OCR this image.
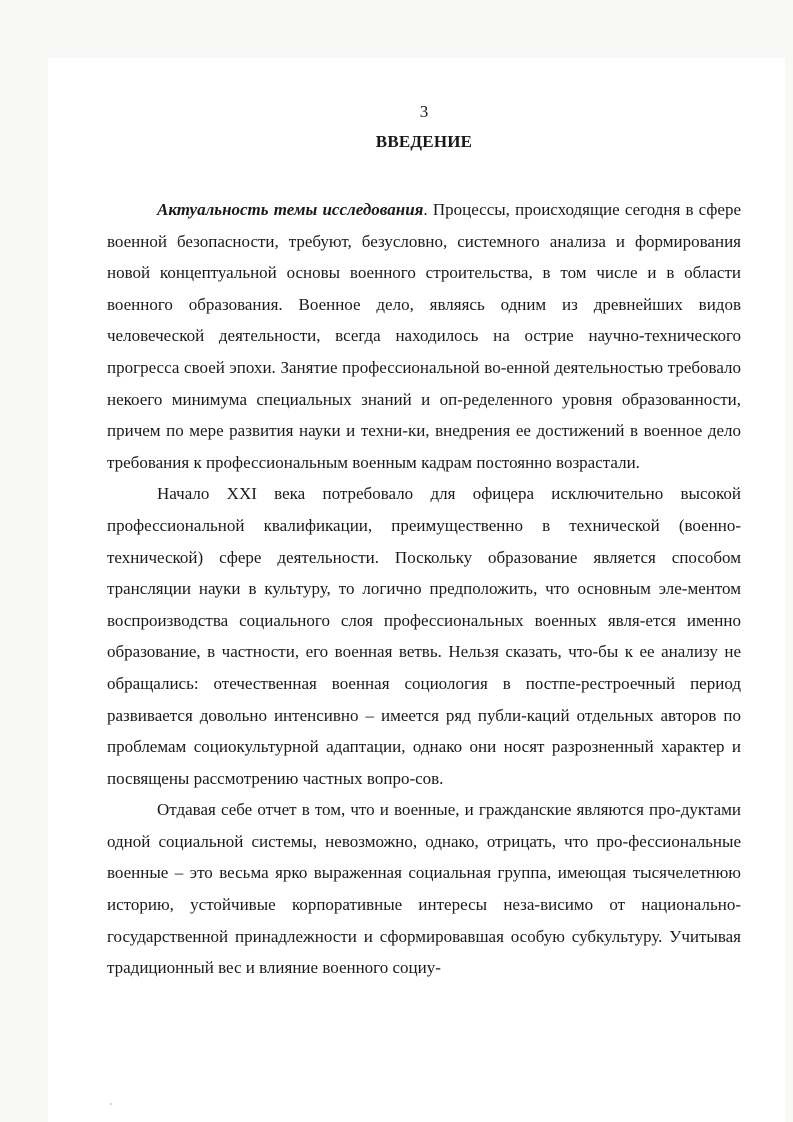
3
ВВЕДЕНИЕ

Актуальность темы исследования. Процессы, происходящие сегодня в сфере военной безопасности, требуют, безусловно, системного анализа и формирования новой концептуальной основы военного строительства, в том числе и в области военного образования. Военное дело, являясь одним из древнейших видов человеческой деятельности, всегда находилось на острие научно-технического прогресса своей эпохи. Занятие профессиональной во-енной деятельностью требовало некоего минимума специальных знаний и оп-ределенного уровня образованности, причем по мере развития науки и техни-ки, внедрения ее достижений в военное дело требования к профессиональным военным кадрам постоянно возрастали.

Начало XXI века потребовало для офицера исключительно высокой профессиональной квалификации, преимущественно в технической (военно-технической) сфере деятельности. Поскольку образование является способом трансляции науки в культуру, то логично предположить, что основным эле-ментом воспроизводства социального слоя профессиональных военных явля-ется именно образование, в частности, его военная ветвь. Нельзя сказать, что-бы к ее анализу не обращались: отечественная военная социология в постпе-рестроечный период развивается довольно интенсивно – имеется ряд публи-каций отдельных авторов по проблемам социокультурной адаптации, однако они носят разрозненный характер и посвящены рассмотрению частных вопро-сов.

Отдавая себе отчет в том, что и военные, и гражданские являются про-дуктами одной социальной системы, невозможно, однако, отрицать, что про-фессиональные военные – это весьма ярко выраженная социальная группа, имеющая тысячелетнюю историю, устойчивые корпоративные интересы неза-висимо от национально-государственной принадлежности и сформировавшая особую субкультуру. Учитывая традиционный вес и влияние военного социу-
